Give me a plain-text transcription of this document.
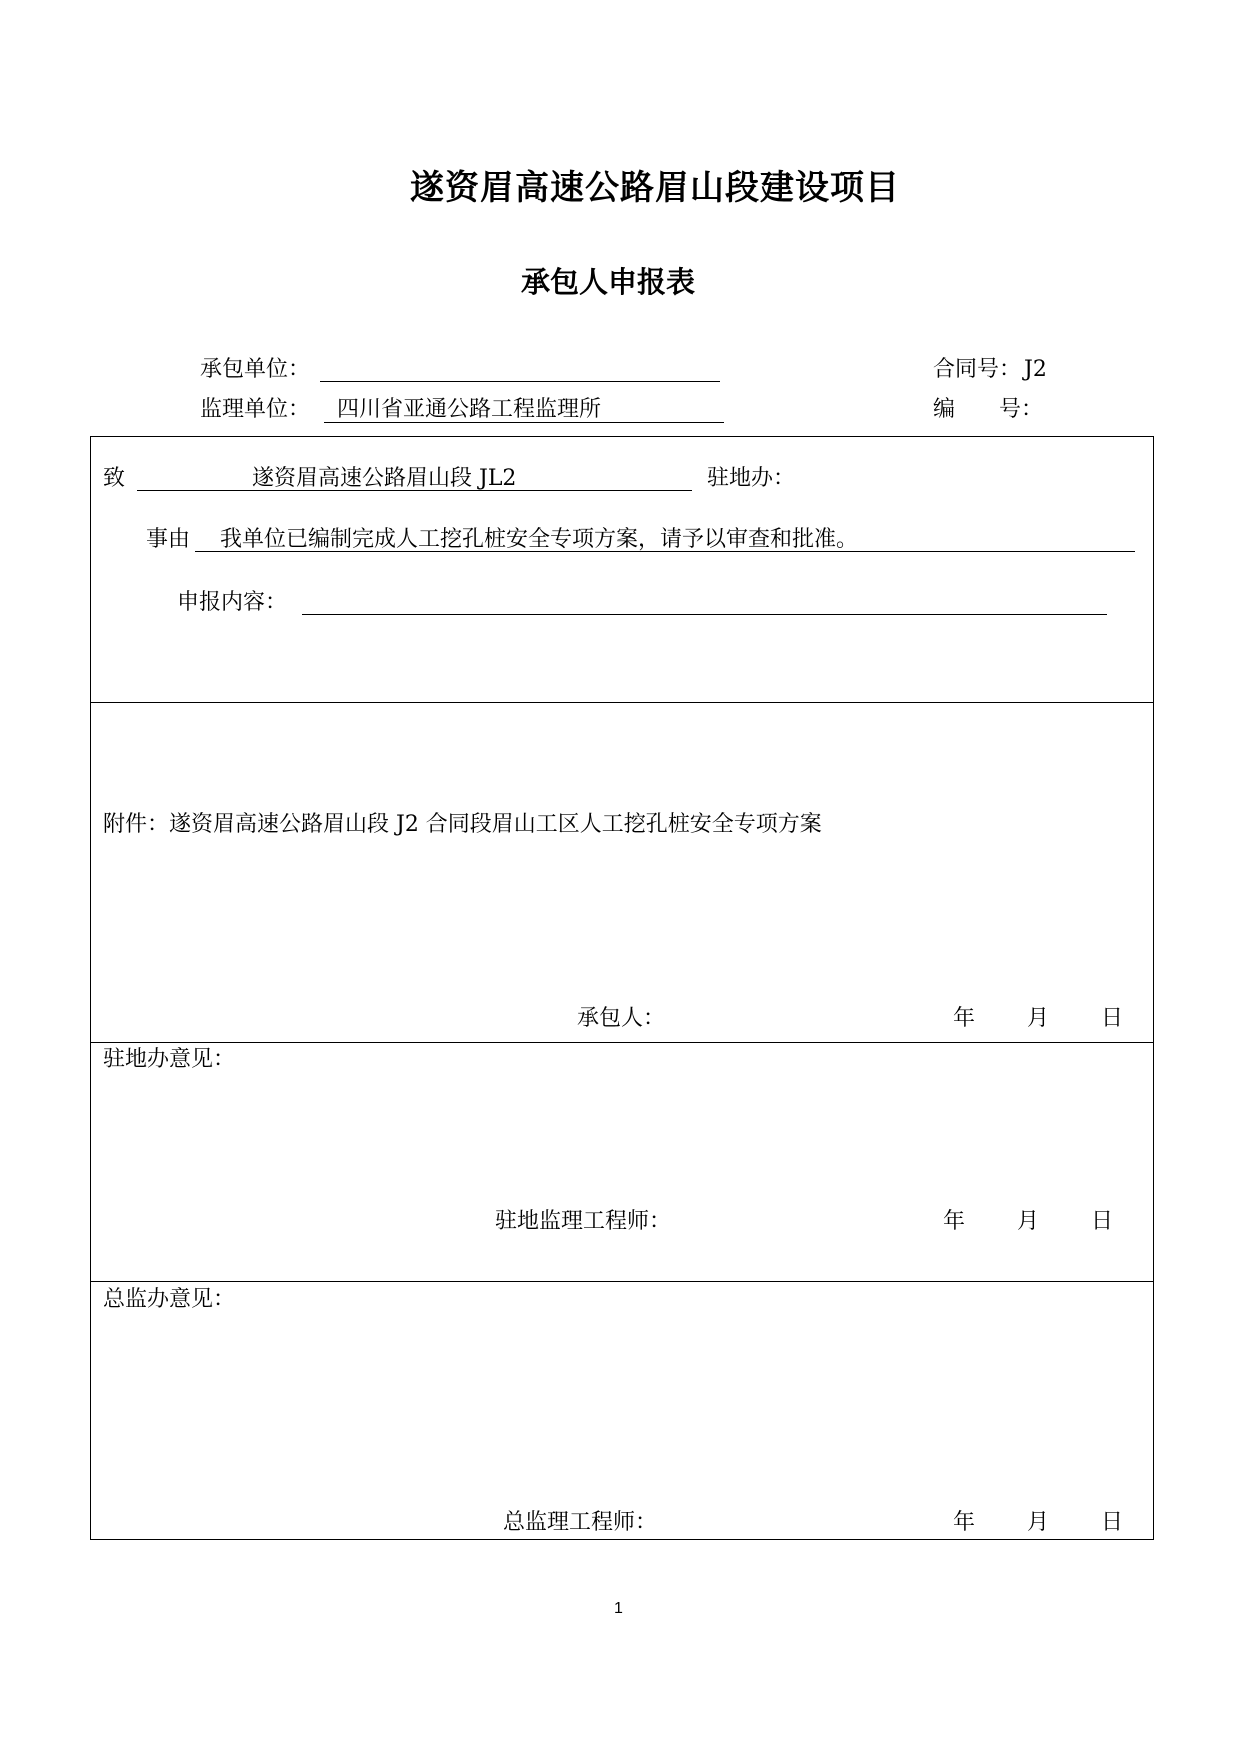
遂资眉高速公路眉山段建设项目
承包人申报表
承包单位：	合同号： J2
监理单位： 四川省亚通公路工程监理所	编　　号：
致	遂资眉高速公路眉山段 JL2	驻地办：
事由 我单位已编制完成人工挖孔桩安全专项方案，请予以审查和批准。
申报内容：
附件：遂资眉高速公路眉山段 J2 合同段眉山工区人工挖孔桩安全专项方案
承包人：	年 月 日
驻地办意见：
驻地监理工程师：	年 月 日
总监办意见：
总监理工程师：	年 月 日
1
